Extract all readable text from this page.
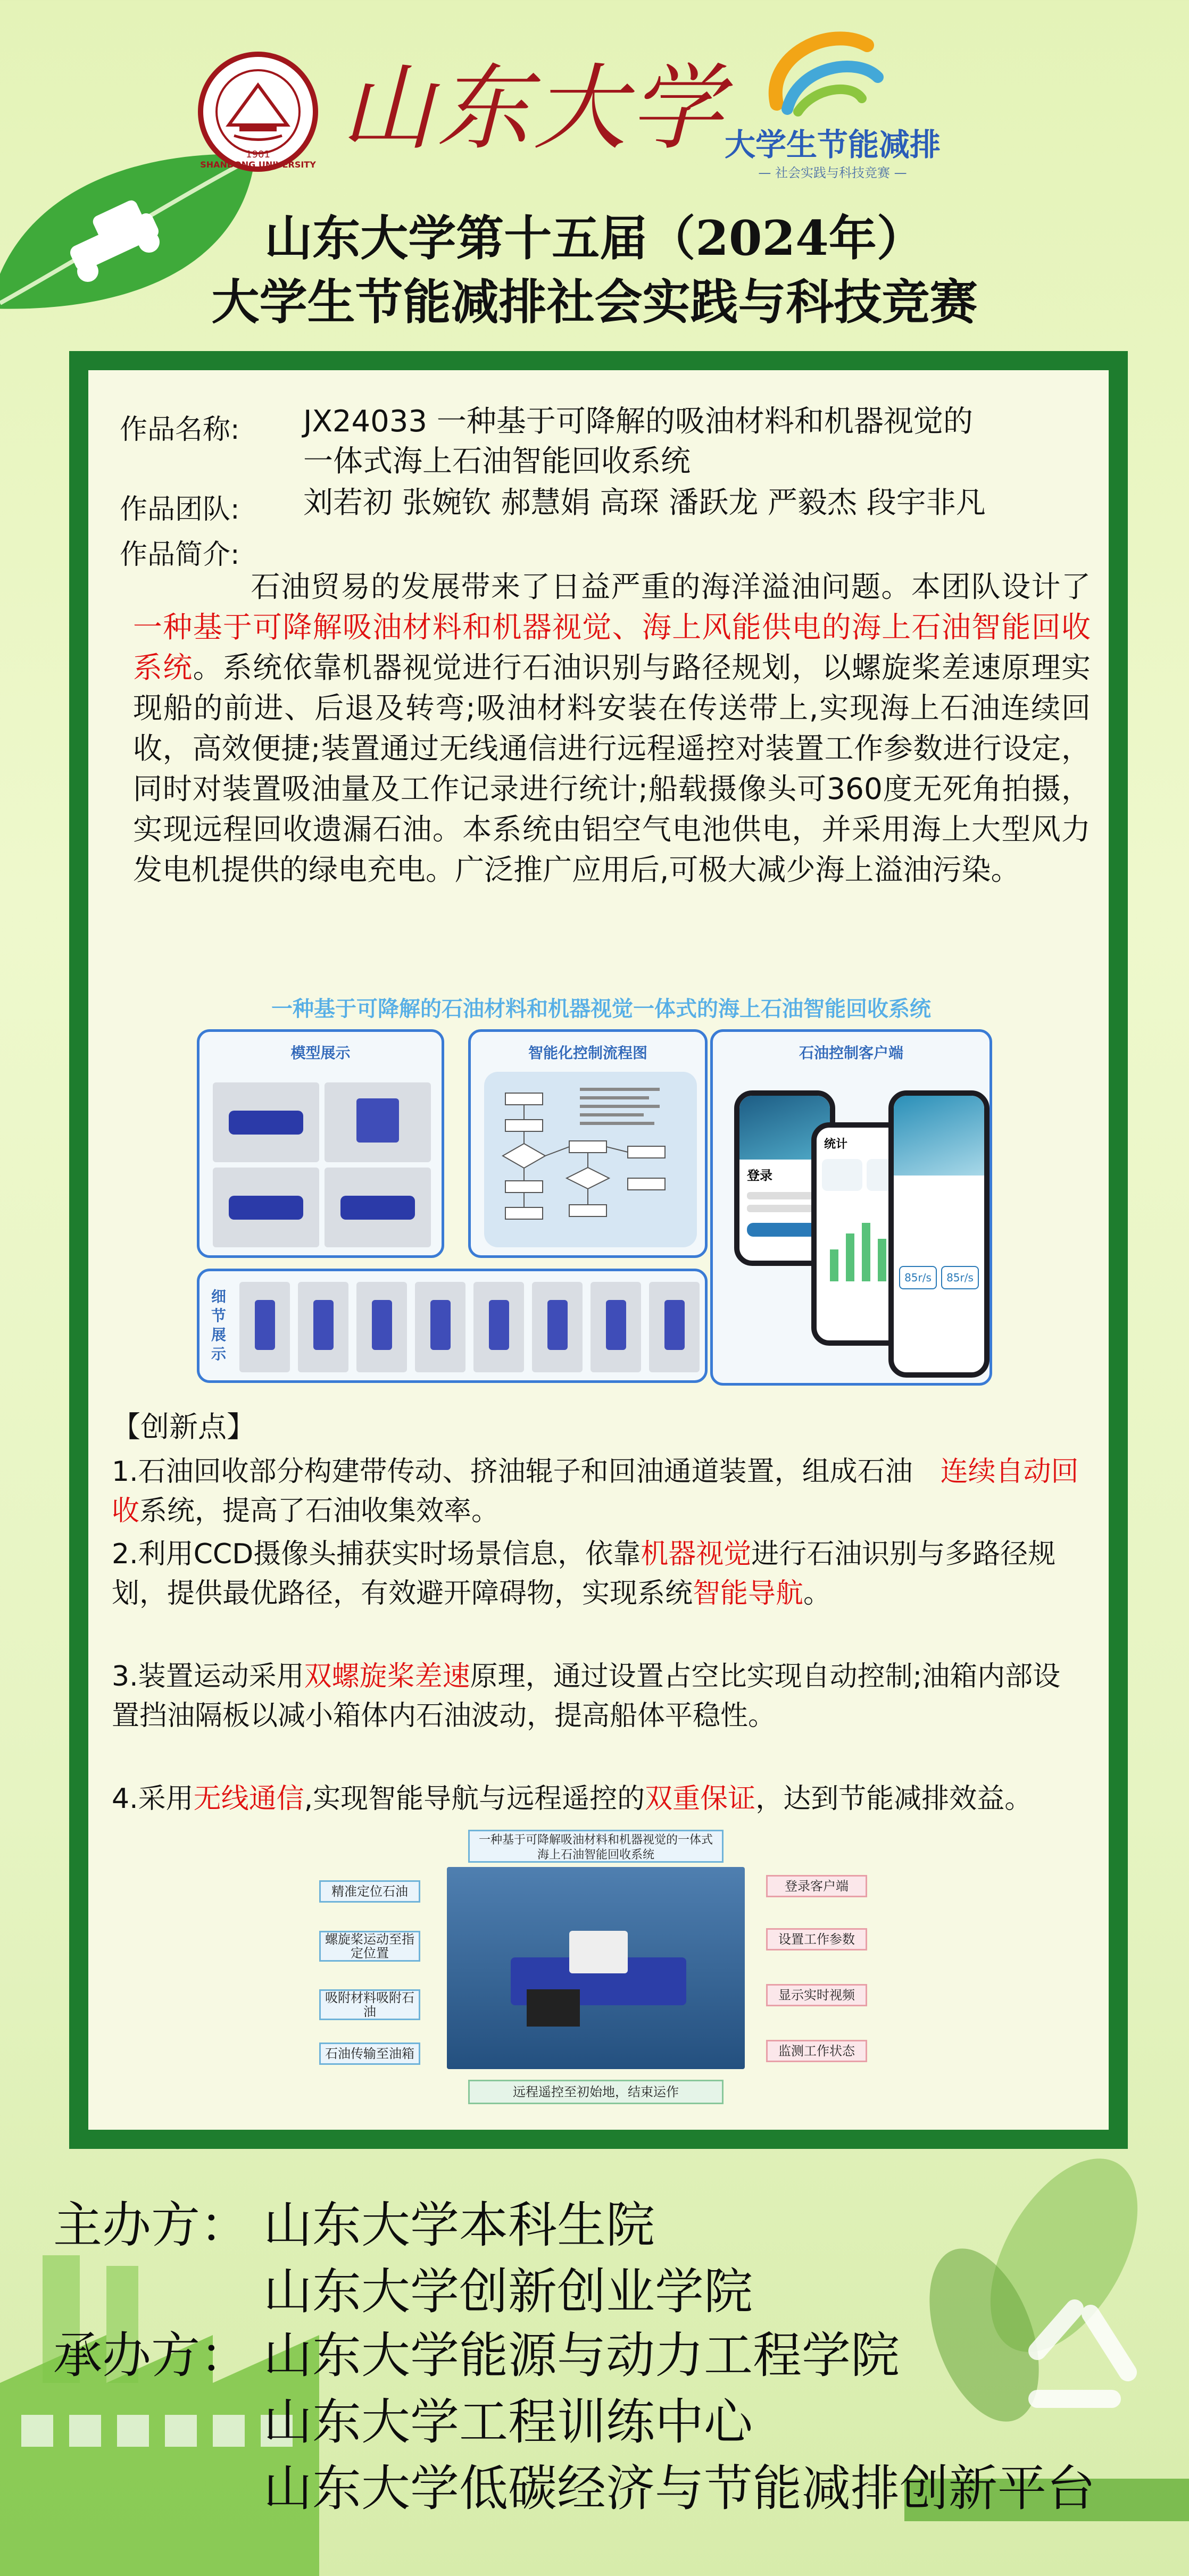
1901
SHANDONG UNIVERSITY
山东大学
大学生节能减排
— 社会实践与科技竞赛 —
山东大学第十五届（2024年）
大学生节能减排社会实践与科技竞赛
作品名称: JX24033 一种基于可降解的吸油材料和机器视觉的
一体式海上石油智能回收系统
作品团队: 刘若初 张婉钦 郝慧娟 高琛 潘跃龙 严毅杰 段宇非凡
作品简介:
石油贸易的发展带来了日益严重的海洋溢油问题。本团队设计了一种基于可降解吸油材料和机器视觉、海上风能供电的海上石油智能回收系统。系统依靠机器视觉进行石油识别与路径规划，以螺旋桨差速原理实现船的前进、后退及转弯;吸油材料安装在传送带上,实现海上石油连续回收，高效便捷;装置通过无线通信进行远程遥控对装置工作参数进行设定，同时对装置吸油量及工作记录进行统计;船载摄像头可360度无死角拍摄，实现远程回收遗漏石油。本系统由铝空气电池供电，并采用海上大型风力发电机提供的绿电充电。广泛推广应用后,可极大减少海上溢油污染。
一种基于可降解的石油材料和机器视觉一体式的海上石油智能回收系统
模型展示	智能化控制流程图	石油控制客户端
登录
统计
85r/s	85r/s
细节展示
【创新点】
1.石油回收部分构建带传动、挤油辊子和回油通道装置，组成石油　连续自动回收系统，提高了石油收集效率。
2.利用CCD摄像头捕获实时场景信息，依靠机器视觉进行石油识别与多路径规划，提供最优路径，有效避开障碍物，实现系统智能导航。
3.装置运动采用双螺旋桨差速原理，通过设置占空比实现自动控制;油箱内部设置挡油隔板以减小箱体内石油波动，提高船体平稳性。
4.采用无线通信,实现智能导航与远程遥控的双重保证，达到节能减排效益。
一种基于可降解吸油材料和机器视觉的一体式海上石油智能回收系统
精准定位石油
螺旋桨运动至指定位置
吸附材料吸附石油
石油传输至油箱
登录客户端
设置工作参数
显示实时视频
监测工作状态
远程遥控至初始地，结束运作
主办方： 山东大学本科生院
山东大学创新创业学院
承办方： 山东大学能源与动力工程学院
山东大学工程训练中心
山东大学低碳经济与节能减排创新平台
